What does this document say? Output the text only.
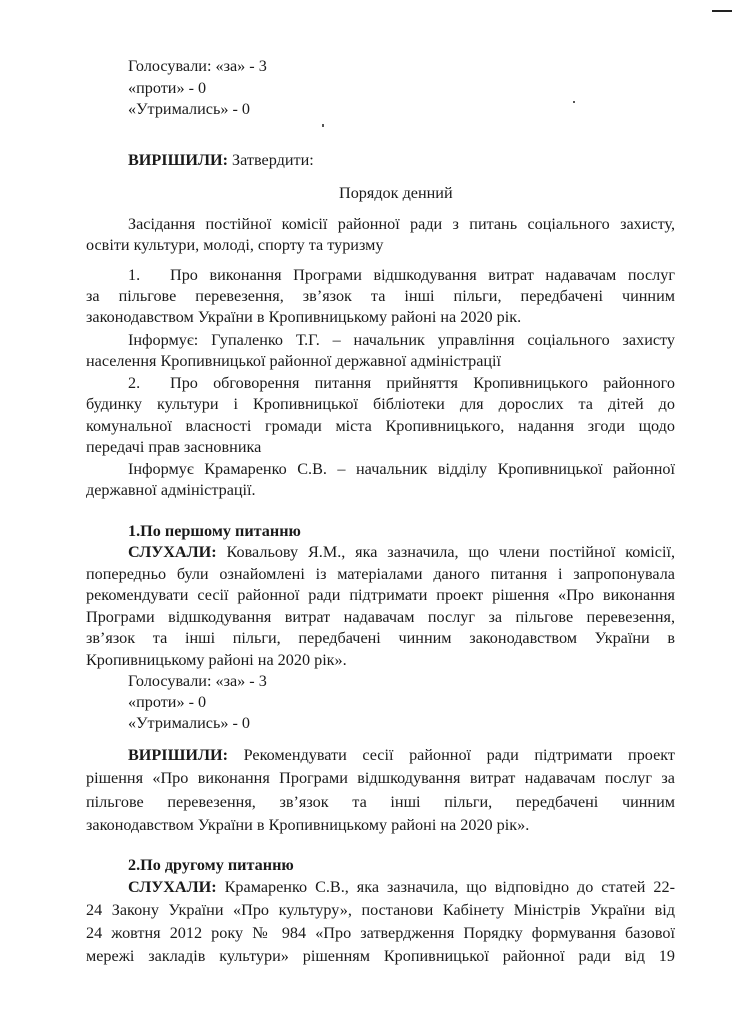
Голосували: «за» - 3
«проти» - 0
«Утримались» - 0
ВИРІШИЛИ: Затвердити:
Порядок денний
Засідання постійної комісії районної ради з питань соціального захисту,
освіти культури, молоді, спорту та туризму
1. Про виконання Програми відшкодування витрат надавачам послуг
за пільгове перевезення, зв’язок та інші пільги, передбачені чинним
законодавством України в Кропивницькому районі на 2020 рік.
Інформує: Гупаленко Т.Г. – начальник управління соціального захисту
населення Кропивницької районної державної адміністрації
2. Про обговорення питання прийняття Кропивницького районного
будинку культури і Кропивницької бібліотеки для дорослих та дітей до
комунальної власності громади міста Кропивницького, надання згоди щодо
передачі прав засновника
Інформує Крамаренко С.В. – начальник відділу Кропивницької районної
державної адміністрації.
1.По першому питанню
СЛУХАЛИ: Ковальову Я.М., яка зазначила, що члени постійної комісії,
попередньо були ознайомлені із матеріалами даного питання і запропонувала
рекомендувати сесії районної ради підтримати проект рішення «Про виконання
Програми відшкодування витрат надавачам послуг за пільгове перевезення,
зв’язок та інші пільги, передбачені чинним законодавством України в
Кропивницькому районі на 2020 рік».
Голосували: «за» - 3
«проти» - 0
«Утримались» - 0
ВИРІШИЛИ: Рекомендувати сесії районної ради підтримати проект
рішення «Про виконання Програми відшкодування витрат надавачам послуг за
пільгове перевезення, зв’язок та інші пільги, передбачені чинним
законодавством України в Кропивницькому районі на 2020 рік».
2.По другому питанню
СЛУХАЛИ: Крамаренко С.В., яка зазначила, що відповідно до статей 22-
24 Закону України «Про культуру», постанови Кабінету Міністрів України від
24 жовтня 2012 року № 984 «Про затвердження Порядку формування базової
мережі закладів культури» рішенням Кропивницької районної ради від 19
